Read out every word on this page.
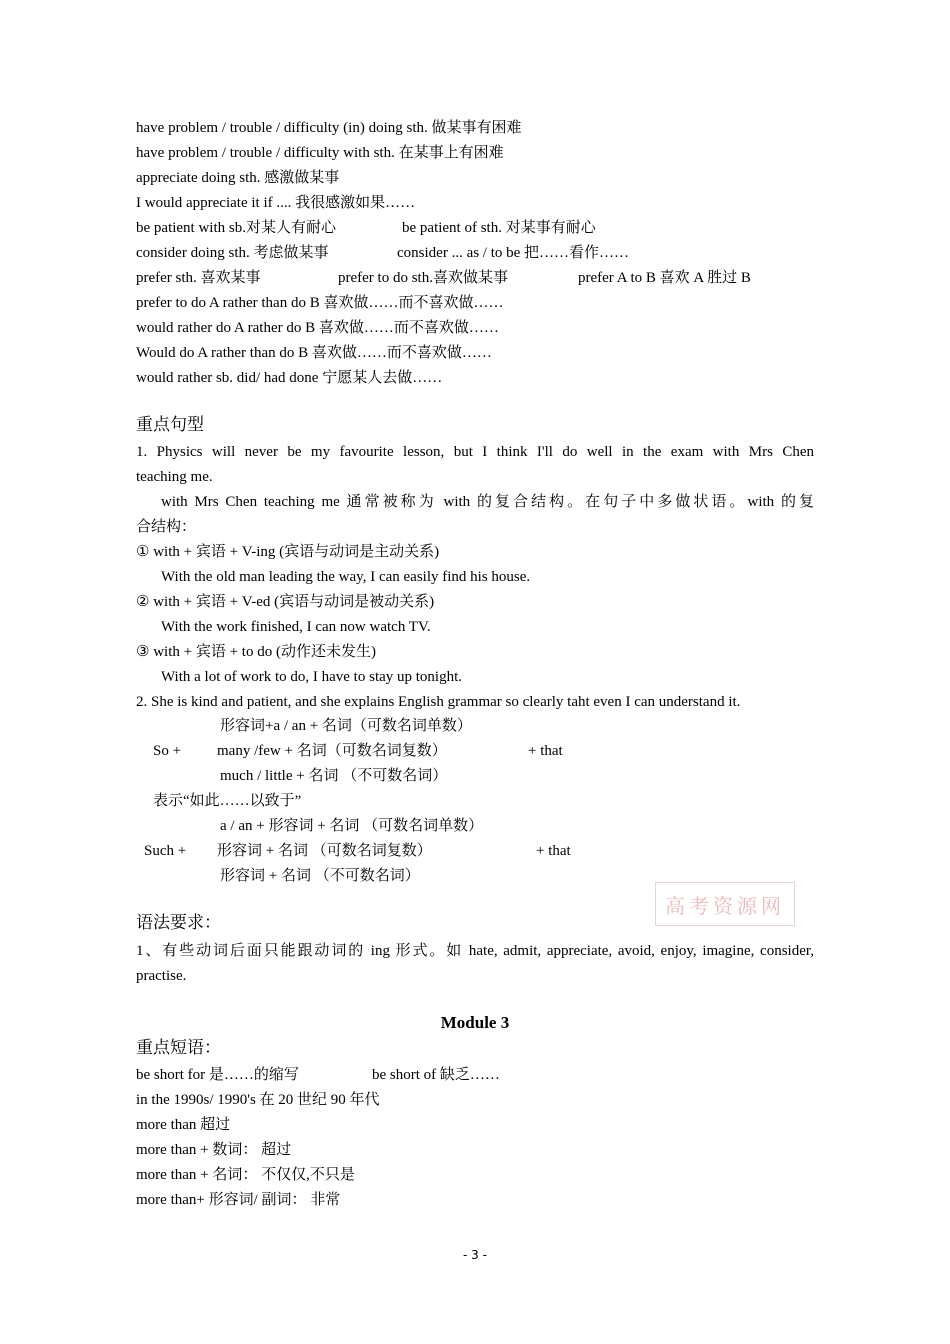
have problem / trouble / difficulty (in) doing sth. 做某事有困难
have problem / trouble / difficulty with sth. 在某事上有困难
appreciate doing sth. 感激做某事
I would appreciate it if .... 我很感激如果……
be patient with sb.对某人有耐心	be patient of sth. 对某事有耐心
consider doing sth. 考虑做某事	consider ... as / to be 把……看作……
prefer sth. 喜欢某事	prefer to do sth.喜欢做某事	prefer A to B 喜欢 A 胜过 B
prefer to do A rather than do B 喜欢做……而不喜欢做……
would rather do A rather do B 喜欢做……而不喜欢做……
Would do A rather than do B 喜欢做……而不喜欢做……
would rather sb. did/ had done 宁愿某人去做……
重点句型
1. Physics will never be my favourite lesson, but I think I'll do well in the exam with Mrs Chen
teaching me.
with Mrs Chen teaching me 通常被称为 with 的复合结构。在句子中多做状语。with 的复
合结构：
① with + 宾语 + V-ing (宾语与动词是主动关系)
With the old man leading the way, I can easily find his house.
② with + 宾语 + V-ed (宾语与动词是被动关系)
With the work finished, I can now watch TV.
③ with + 宾语 + to do (动作还未发生)
With a lot of work to do, I have to stay up tonight.
2. She is kind and patient, and she explains English grammar so clearly taht even I can understand it.
形容词+a / an + 名词（可数名词单数）
So + many /few + 名词（可数名词复数）	+ that
much / little + 名词 （不可数名词）
表示“如此……以致于”
a / an + 形容词 + 名词 （可数名词单数）
Such + 形容词 + 名词 （可数名词复数）	+ that
形容词 + 名词 （不可数名词）
高考资源网
语法要求：
1、有些动词后面只能跟动词的 ing 形式。如 hate, admit, appreciate, avoid, enjoy, imagine, consider,
practise.
Module 3
重点短语：
be short for 是……的缩写	be short of 缺乏……
in the 1990s/ 1990's 在 20 世纪 90 年代
more than 超过
more than + 数词： 超过
more than + 名词： 不仅仅,不只是
more than+ 形容词/ 副词： 非常
- 3 -
